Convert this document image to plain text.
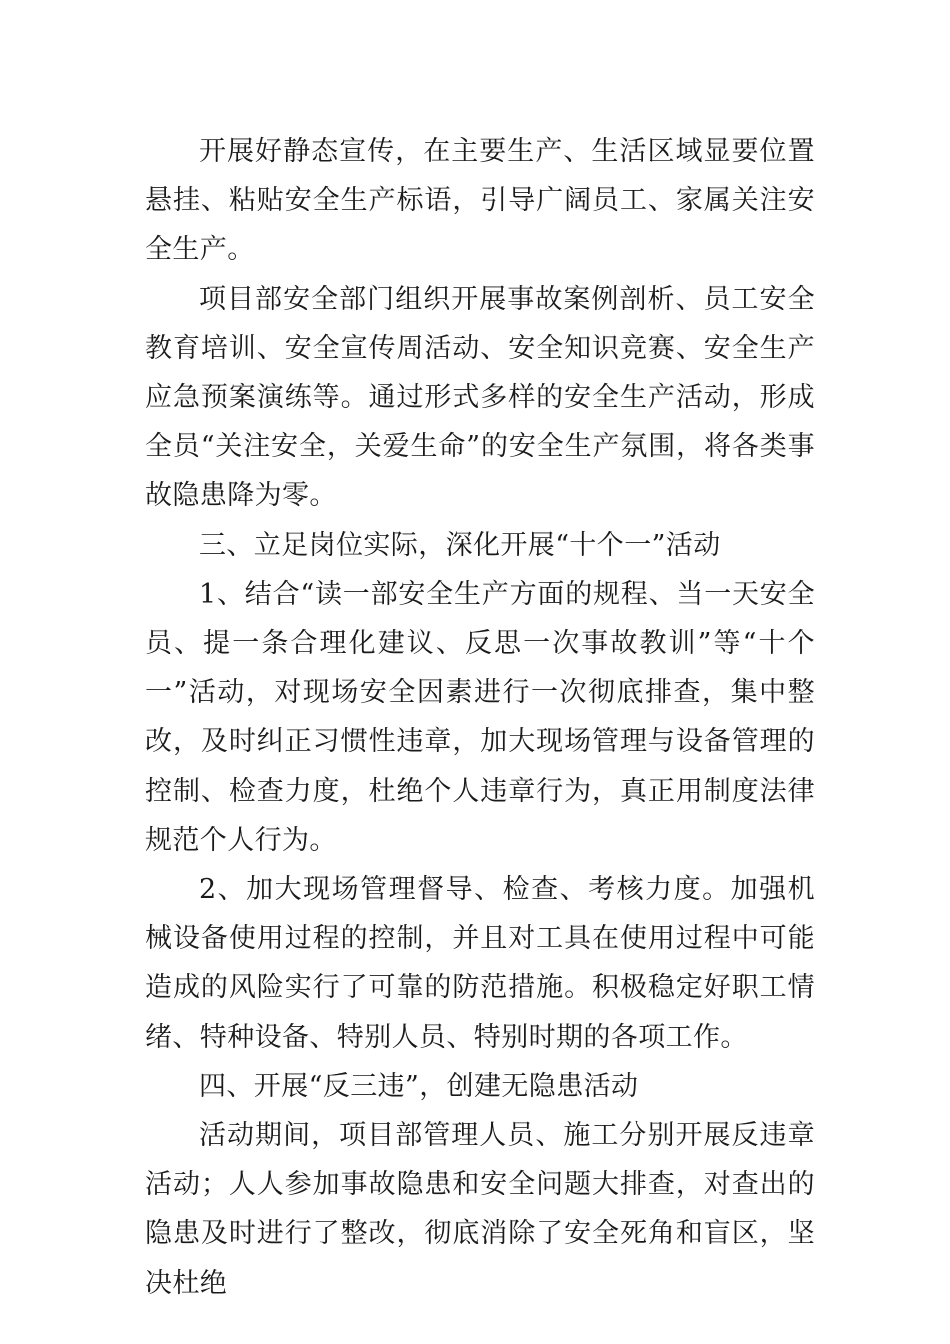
开展好静态宣传，在主要生产、生活区域显要位置悬挂、粘贴安全生产标语，引导广阔员工、家属关注安全生产。

项目部安全部门组织开展事故案例剖析、员工安全教育培训、安全宣传周活动、安全知识竞赛、安全生产应急预案演练等。通过形式多样的安全生产活动，形成全员“关注安全，关爱生命”的安全生产氛围，将各类事故隐患降为零。

三、立足岗位实际，深化开展“十个一”活动

1、结合“读一部安全生产方面的规程、当一天安全员、提一条合理化建议、反思一次事故教训”等“十个一”活动，对现场安全因素进行一次彻底排查，集中整改，及时纠正习惯性违章，加大现场管理与设备管理的控制、检查力度，杜绝个人违章行为，真正用制度法律规范个人行为。

2、加大现场管理督导、检查、考核力度。加强机械设备使用过程的控制，并且对工具在使用过程中可能造成的风险实行了可靠的防范措施。积极稳定好职工情绪、特种设备、特别人员、特别时期的各项工作。

四、开展“反三违”，创建无隐患活动

活动期间，项目部管理人员、施工分别开展反违章活动；人人参加事故隐患和安全问题大排查，对查出的隐患及时进行了整改，彻底消除了安全死角和盲区，坚决杜绝
